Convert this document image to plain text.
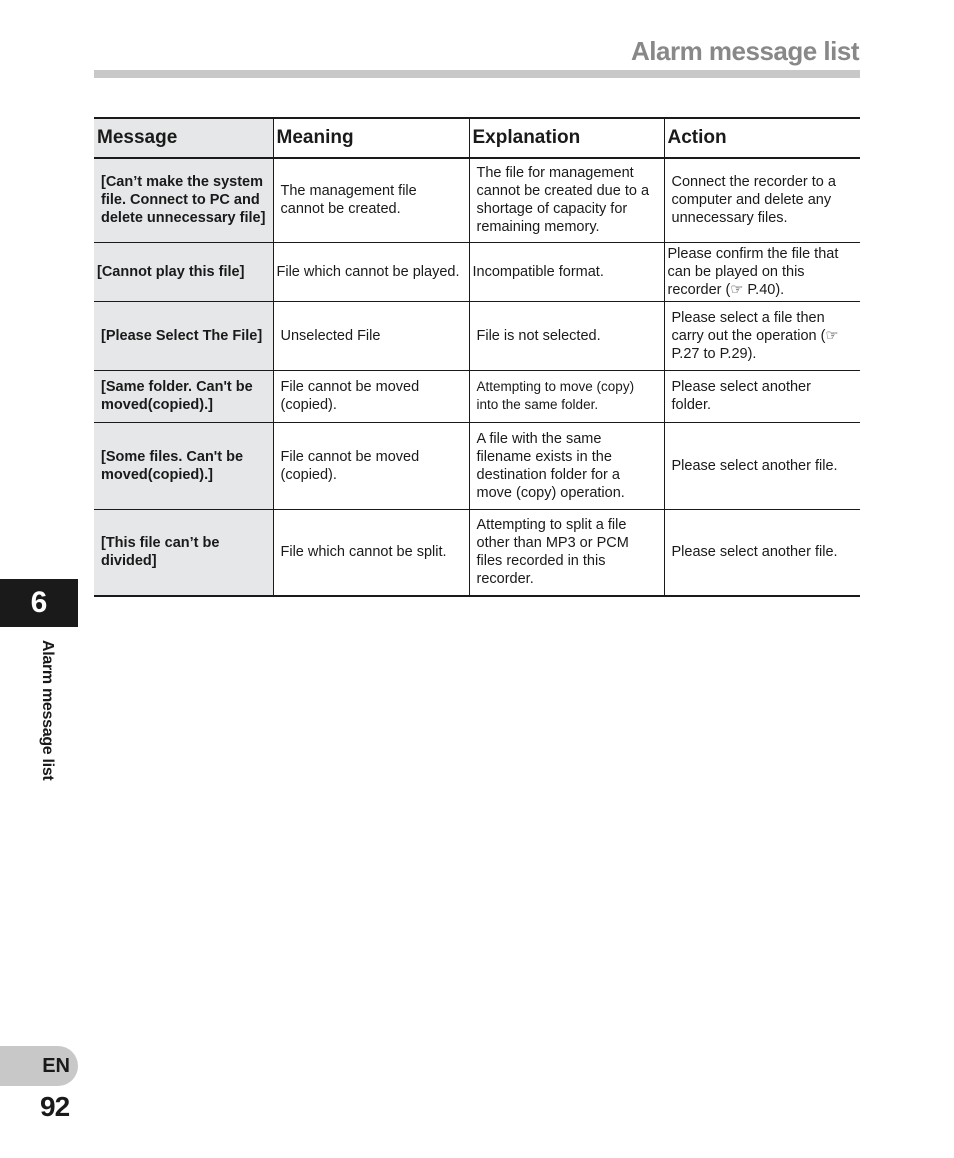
Alarm message list
Message	Meaning	Explanation	Action
[Can’t make the system file. Connect to PC and delete unnecessary file]	The management file cannot be created.	The file for management cannot be created due to a shortage of capacity for remaining memory.	Connect the recorder to a computer and delete any unnecessary files.
[Cannot play this file]	File which cannot be played.	Incompatible format.	Please confirm the file that can be played on this recorder (☞ P.40).
[Please Select The File]	Unselected File	File is not selected.	Please select a file then carry out the operation (☞ P.27 to P.29).
[Same folder. Can't be moved(copied).]	File cannot be moved (copied).	Attempting to move (copy) into the same folder.	Please select another folder.
[Some files. Can't be moved(copied).]	File cannot be moved (copied).	A file with the same filename exists in the destination folder for a move (copy) operation.	Please select another file.
[This file can’t be divided]	File which cannot be split.	Attempting to split a file other than MP3 or PCM files recorded in this recorder.	Please select another file.
6
Alarm message list
EN
92
